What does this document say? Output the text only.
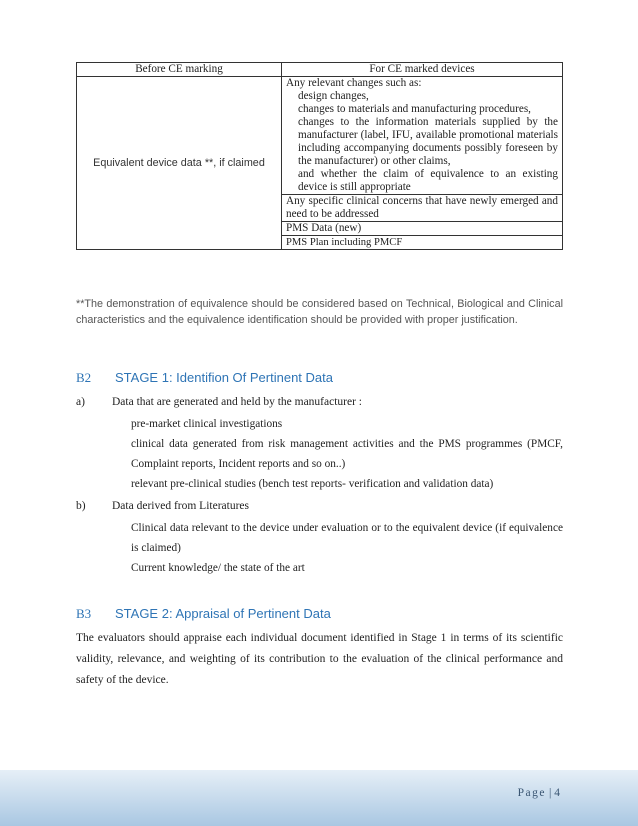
Before CE marking	For CE marked devices
Equivalent device data **, if claimed	Any relevant changes such as:
design changes,
changes to materials and manufacturing procedures,
changes to the information materials supplied by the manufacturer (label, IFU, available promotional materials including accompanying documents possibly foreseen by the manufacturer) or other claims,
and whether the claim of equivalence to an existing device is still appropriate

	Any specific clinical concerns that have newly emerged and need to be addressed
	PMS Data (new)
	PMS Plan including PMCF
**The demonstration of equivalence should be considered based on Technical, Biological and Clinical characteristics and the equivalence identification should be provided with proper justification.
B2 STAGE 1: Identifion Of Pertinent Data
a) Data that are generated and held by the manufacturer :
pre-market clinical investigations
clinical data generated from risk management activities and the PMS programmes (PMCF, Complaint reports, Incident reports and so on..)
relevant pre-clinical studies (bench test reports- verification and validation data)
b) Data derived from Literatures
Clinical data relevant to the device under evaluation or to the equivalent device (if equivalence is claimed)
Current knowledge/ the state of the art
B3 STAGE 2: Appraisal of Pertinent Data
The evaluators should appraise each individual document identified in Stage 1 in terms of its scientific validity, relevance, and weighting of its contribution to the evaluation of the clinical performance and safety of the device.
Page | 4
